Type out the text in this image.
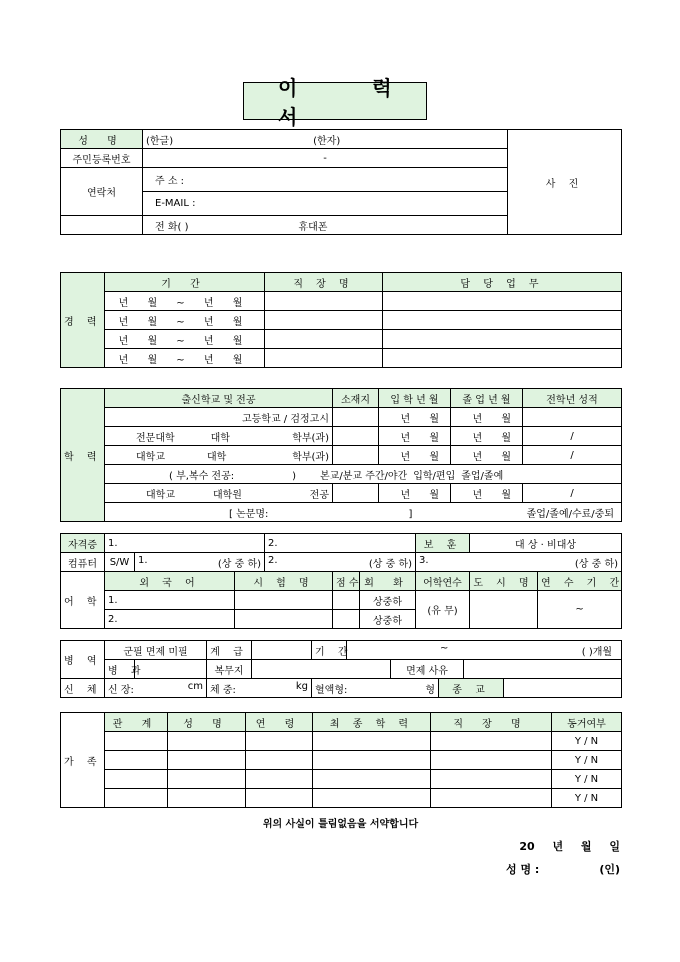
이 력 서
성 명	(한글) (한자)	사 진
주민등록번호	-	
연락처	주 소 :	
	E-MAIL :	
	전 화( ) 휴대폰	
경 력	기 간	직 장 명	담 당 업 무
	년 월 ~ 년 월		
	년 월 ~ 년 월		
	년 월 ~ 년 월		
	년 월 ~ 년 월		
학 력	출신학교 및 전공	소재지	입 학 년 월	졸 업 년 월	전학년 성적
	고등학교 / 검정고시		년 월	년 월	
	전문대학 대학 학부(과)		년 월	년 월	/
	대학교 대학 학부(과)		년 월	년 월	/
	( 부,복수 전공: ) 본교/분교 주간/야간 입학/편입 졸업/졸예				
	대학교 대학원 전공		년 월	년 월	/
	[ 논문명: ] 졸업/졸예/수료/중퇴				
자격증	1.			2.			보 훈	대 상 · 비대상	
컴퓨터	S/W	1. (상 중 하)		2. (상 중 하)			3. (상 중 하)		

어 학	외 국 어		시 험 명		점 수	회 화	어학연수	도 시 명	연 수 기 간
	1.					상중하	(유 무)		~
	2.					상중하			
병 역	군필 면제 미필		계 급		기 간	~ ( )개월				

	병 과		복무지				면제 사유			
신 체	신 장: cm		체 중: kg		혈액형: 형			종 교		
가 족	관 계	성 명	연 령	최 종 학 력	직 장 명	동거여부
						Y / N
						Y / N
						Y / N
						Y / N
위의 사실이 틀림없음을 서약합니다
20 년 월 일
성 명 :	(인)
